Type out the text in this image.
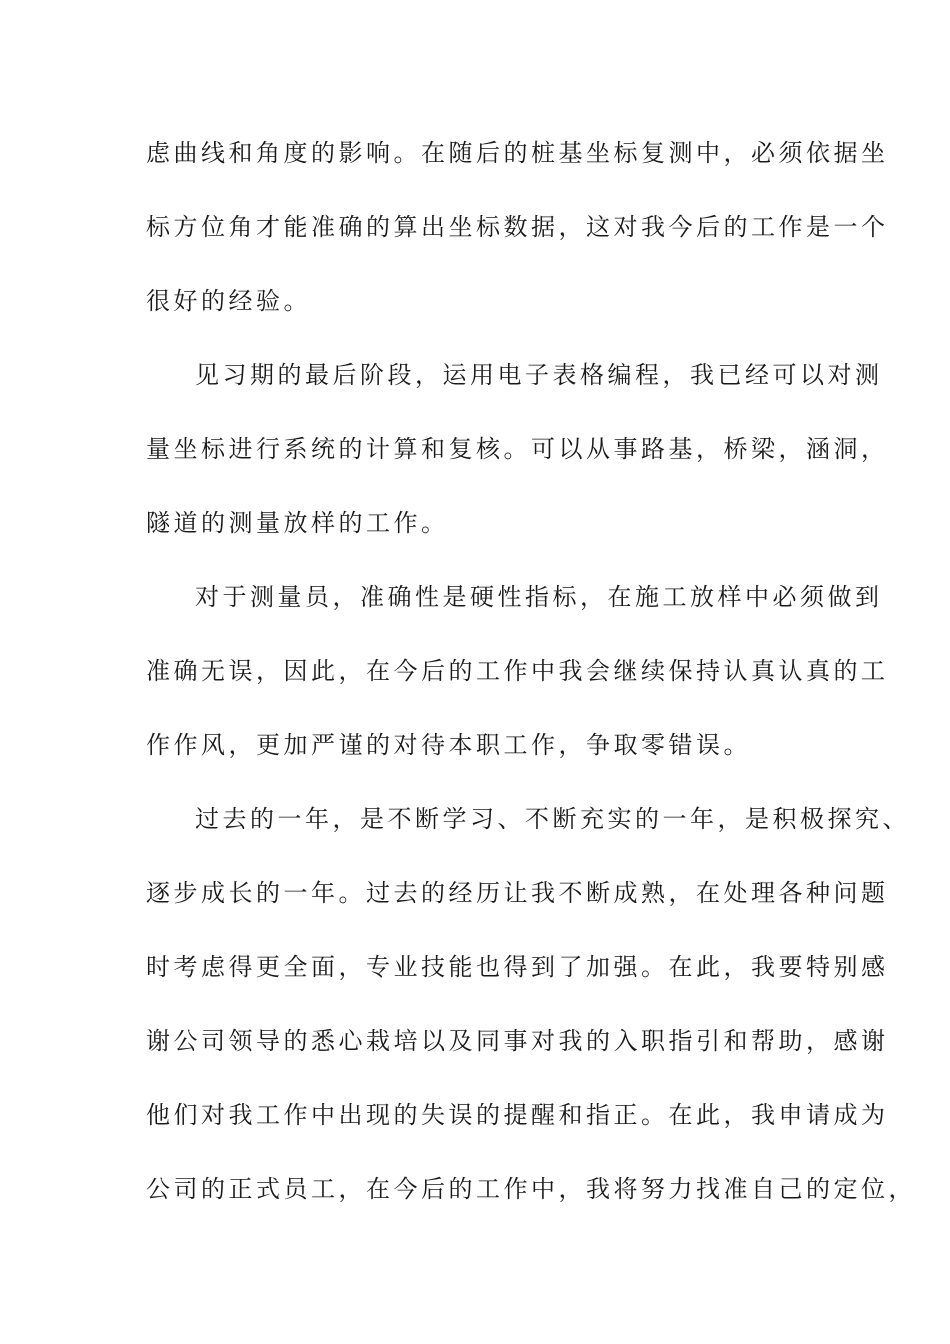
虑曲线和角度的影响。在随后的桩基坐标复测中，必须依据坐
标方位角才能准确的算出坐标数据，这对我今后的工作是一个
很好的经验。
见习期的最后阶段，运用电子表格编程，我已经可以对测
量坐标进行系统的计算和复核。可以从事路基，桥梁，涵洞，
隧道的测量放样的工作。
对于测量员，准确性是硬性指标，在施工放样中必须做到
准确无误，因此，在今后的工作中我会继续保持认真认真的工
作作风，更加严谨的对待本职工作，争取零错误。
过去的一年，是不断学习、不断充实的一年，是积极探究、
逐步成长的一年。过去的经历让我不断成熟，在处理各种问题
时考虑得更全面，专业技能也得到了加强。在此，我要特别感
谢公司领导的悉心栽培以及同事对我的入职指引和帮助，感谢
他们对我工作中出现的失误的提醒和指正。在此，我申请成为
公司的正式员工，在今后的工作中，我将努力找准自己的定位，
